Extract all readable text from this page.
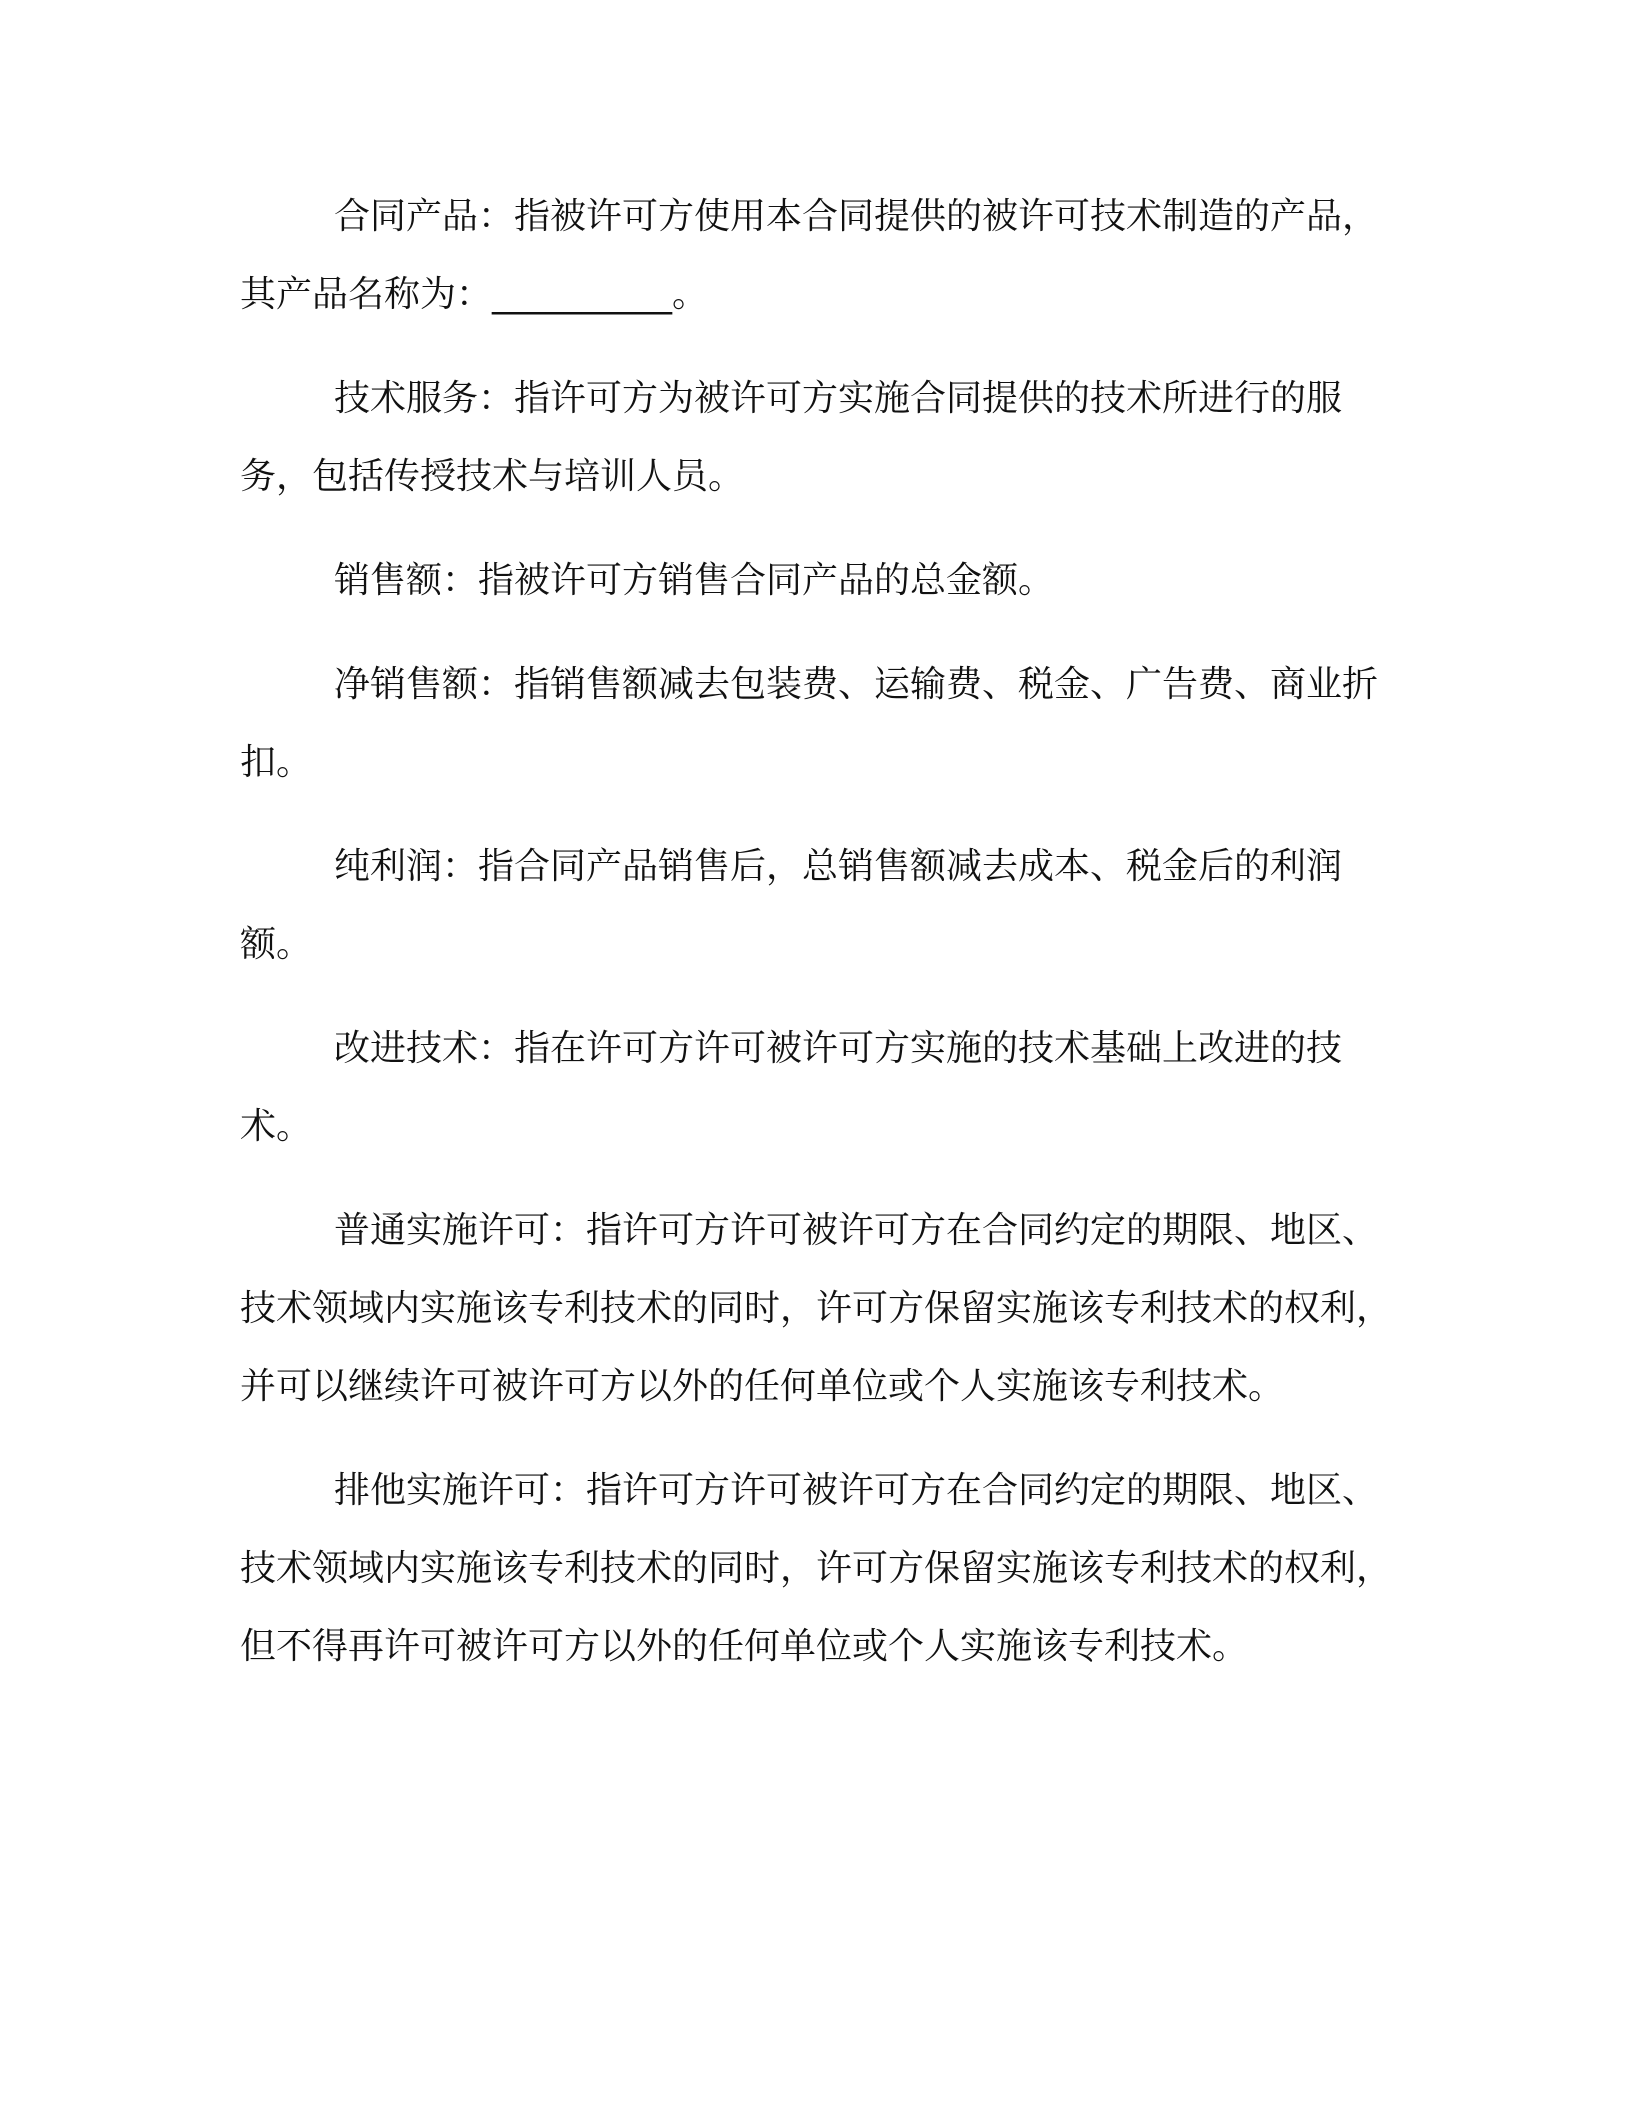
合同产品：指被许可方使用本合同提供的被许可技术制造的产品，其产品名称为：__________。

技术服务：指许可方为被许可方实施合同提供的技术所进行的服务，包括传授技术与培训人员。

销售额：指被许可方销售合同产品的总金额。

净销售额：指销售额减去包装费、运输费、税金、广告费、商业折扣。

纯利润：指合同产品销售后，总销售额减去成本、税金后的利润额。

改进技术：指在许可方许可被许可方实施的技术基础上改进的技术。

普通实施许可：指许可方许可被许可方在合同约定的期限、地区、技术领域内实施该专利技术的同时，许可方保留实施该专利技术的权利，并可以继续许可被许可方以外的任何单位或个人实施该专利技术。

排他实施许可：指许可方许可被许可方在合同约定的期限、地区、技术领域内实施该专利技术的同时，许可方保留实施该专利技术的权利，但不得再许可被许可方以外的任何单位或个人实施该专利技术。
